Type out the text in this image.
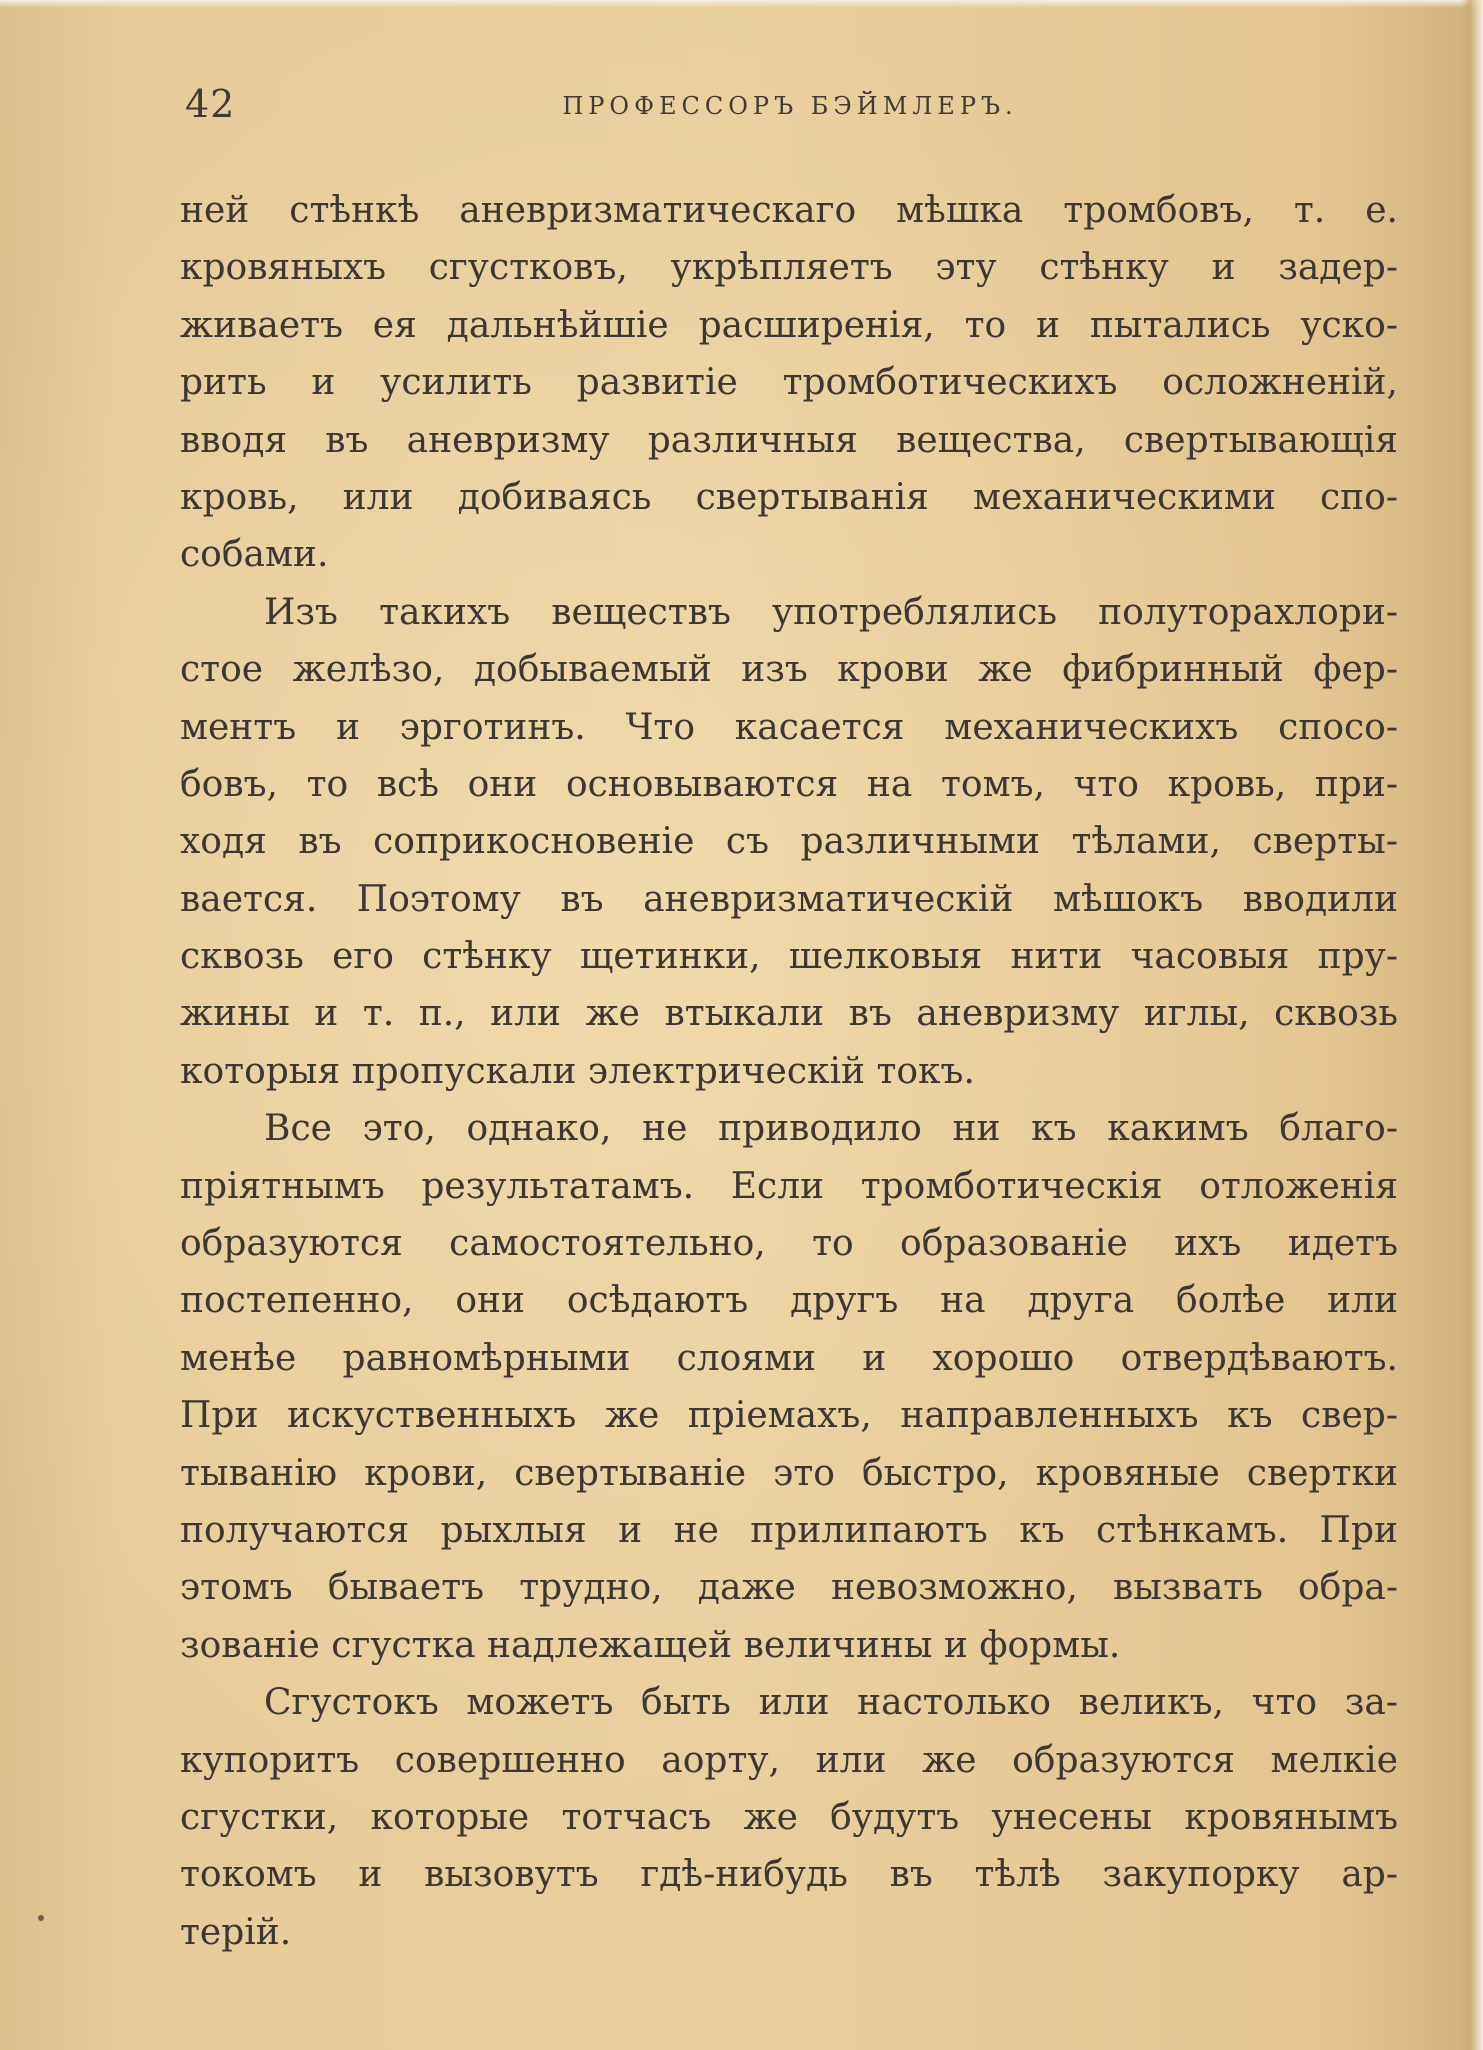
42	ПРОФЕССОРЪ БЭЙМЛЕРЪ.
ней стѣнкѣ аневризматическаго мѣшка тромбовъ, т. е.
кровяныхъ сгустковъ, укрѣпляетъ эту стѣнку и задер-
живаетъ ея дальнѣйшіе расширенія, то и пытались уско-
рить и усилить развитіе тромботическихъ осложненій,
вводя въ аневризму различныя вещества, свертывающія
кровь, или добиваясь свертыванія механическими спо-
собами.
Изъ такихъ веществъ употреблялись полуторахлори-
стое желѣзо, добываемый изъ крови же фибринный фер-
ментъ и эрготинъ. Что касается механическихъ спосо-
бовъ, то всѣ они основываются на томъ, что кровь, при-
ходя въ соприкосновеніе съ различными тѣлами, сверты-
вается. Поэтому въ аневризматическій мѣшокъ вводили
сквозь его стѣнку щетинки, шелковыя нити часовыя пру-
жины и т. п., или же втыкали въ аневризму иглы, сквозь
которыя пропускали электрическій токъ.
Все это, однако, не приводило ни къ какимъ благо-
пріятнымъ результатамъ. Если тромботическія отложенія
образуются самостоятельно, то образованіе ихъ идетъ
постепенно, они осѣдаютъ другъ на друга болѣе или
менѣе равномѣрными слоями и хорошо отвердѣваютъ.
При искуственныхъ же пріемахъ, направленныхъ къ свер-
тыванію крови, свертываніе это быстро, кровяные свертки
получаются рыхлыя и не прилипаютъ къ стѣнкамъ. При
этомъ бываетъ трудно, даже невозможно, вызвать обра-
зованіе сгустка надлежащей величины и формы.
Сгустокъ можетъ быть или настолько великъ, что за-
купоритъ совершенно аорту, или же образуются мелкіе
сгустки, которые тотчасъ же будутъ унесены кровянымъ
токомъ и вызовутъ гдѣ-нибудь въ тѣлѣ закупорку ар-
терій.
